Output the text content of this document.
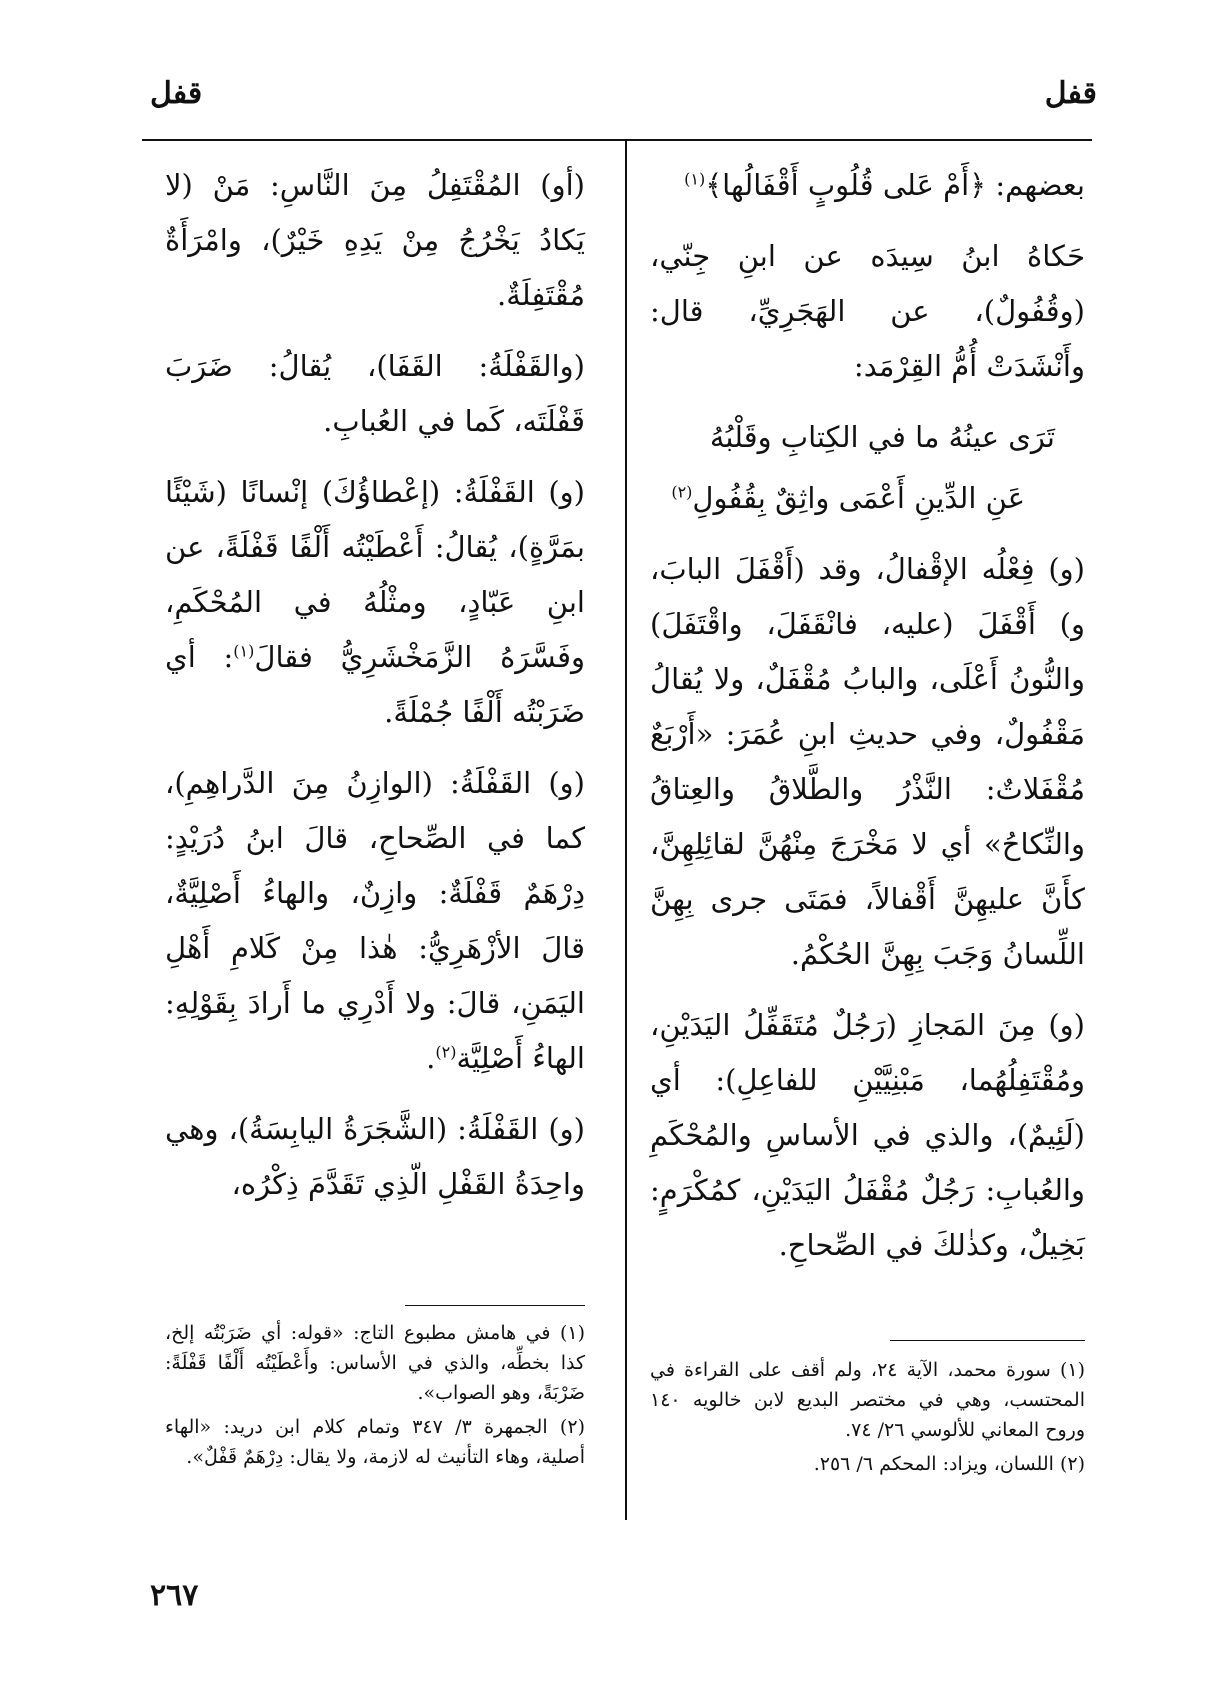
قفل
قفل

بعضهم: ﴿أَمْ عَلى قُلُوبٍ أَقْفَالُها﴾$^{(١)}$

حَكاهُ ابنُ سِيدَه عن ابنِ جِنّي، (وقُفُولٌ)، عن الهَجَرِيِّ، قال: وأَنْشَدَتْ أُمُّ القِرْمَد:

تَرَى عينُهُ ما في الكِتابِ وقَلْبُهُ

عَنِ الدِّينِ أَعْمَى واثِقٌ بِقُفُولِ$^{(٢)}$

(و) فِعْلُه الإقْفالُ، وقد (أَقْفَلَ البابَ، و) أَقْفَلَ (عليه، فانْقَفَلَ، واقْتَفَلَ) والنُّونُ أَعْلَى، والبابُ مُقْفَلٌ، ولا يُقالُ مَقْفُولٌ، وفي حديثِ ابنِ عُمَرَ: «أَرْبَعٌ مُقْفَلاتٌ: النَّذْرُ والطَّلاقُ والعِتاقُ والنِّكاحُ» أي لا مَخْرَجَ مِنْهُنَّ لقائِلِهِنَّ، كأَنَّ عليهِنَّ أَقْفالاً، فمَتَى جرى بِهِنَّ اللِّسانُ وَجَبَ بِهِنَّ الحُكْمُ.

(و) مِنَ المَجازِ (رَجُلٌ مُتَقَفِّلُ اليَدَيْنِ، ومُقْتَفِلُهُما، مَبْنِيَّيْنِ للفاعِلِ): أي (لَئِيمٌ)، والذي في الأساسِ والمُحْكَمِ والعُبابِ: رَجُلٌ مُقْفَلُ اليَدَيْنِ، كمُكْرَمٍ: بَخِيلٌ، وكذٰلكَ في الصِّحاحِ.

(أو) المُقْتَفِلُ مِنَ النَّاسِ: مَنْ (لا يَكادُ يَخْرُجُ مِنْ يَدِهِ خَيْرٌ)، وامْرَأَةٌ مُقْتَفِلَةٌ.

(والقَفْلَةُ: القَفَا)، يُقالُ: ضَرَبَ قَفْلَتَه، كَما في العُبابِ.

(و) القَفْلَةُ: (إعْطاؤُكَ) إنْسانًا (شَيْئًا بمَرَّةٍ)، يُقالُ: أَعْطَيْتُه أَلْفًا قَفْلَةً، عن ابنِ عَبّادٍ، ومثْلُهُ في المُحْكَمِ، وفَسَّرَهُ الزَّمَخْشَرِيُّ فقالَ$^{(١)}$: أي ضَرَبْتُه أَلْفًا جُمْلَةً.

(و) القَفْلَةُ: (الوازِنُ مِنَ الدَّراهِمِ)، كما في الصِّحاحِ، قالَ ابنُ دُرَيْدٍ: دِرْهَمٌ قَفْلَةٌ: وازِنٌ، والهاءُ أَصْلِيَّةٌ، قالَ الأزْهَرِيُّ: هٰذا مِنْ كَلامِ أَهْلِ اليَمَنِ، قالَ: ولا أَدْرِي ما أَرادَ بِقَوْلِهِ: الهاءُ أَصْلِيَّة$^{(٢)}$.

(و) القَفْلَةُ: (الشَّجَرَةُ اليابِسَةُ)، وهي واحِدَةُ القَفْلِ الّذِي تَقَدَّمَ ذِكْرُه،

(١) سورة محمد، الآية ٢٤، ولم أقف على القراءة في المحتسب، وهي في مختصر البديع لابن خالويه ١٤٠ وروح المعاني للألوسي ٢٦/ ٧٤.

(٢) اللسان، ويزاد: المحكم ٦/ ٢٥٦.

(١) في هامش مطبوع التاج: «قوله: أي ضَرَبْتُه إلخ، كذا بخطِّه، والذي في الأساس: وأَعْطَيْتُه أَلْفًا قَفْلَةً: ضَرْبَةً، وهو الصواب».

(٢) الجمهرة ٣/ ٣٤٧ وتمام كلام ابن دريد: «الهاء أصلية، وهاء التأنيث له لازمة، ولا يقال: دِرْهَمٌ قَفْلٌ».

٢٦٧
